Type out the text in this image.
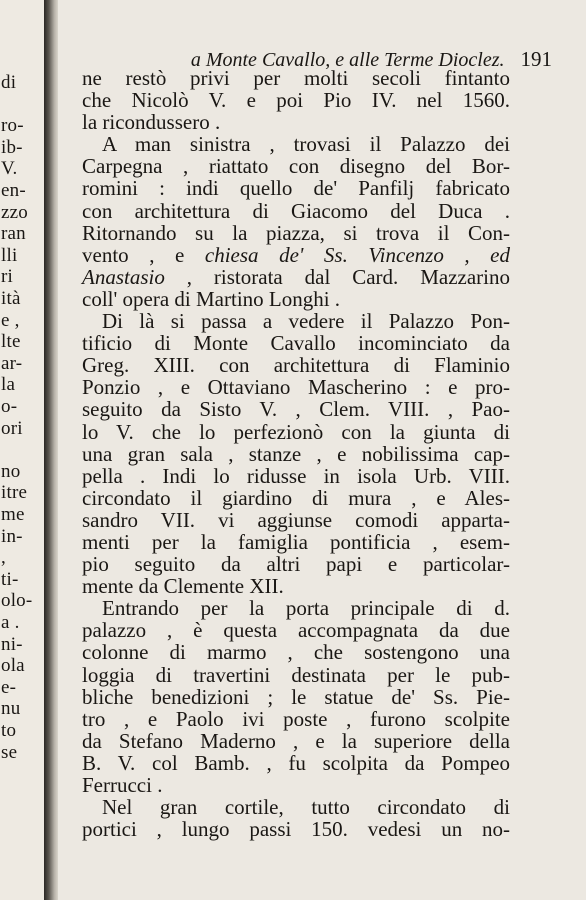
di
ro-
ib-
V.
en-
zzo
ran
lli
ri
ità
e ,
lte
ar-
la
o-
ori
no
itre
me
in-
,
ti-
olo-
a .
ni-
ola
e-
nu
to
se
a Monte Cavallo, e alle Terme Dioclez. 191
ne restò privi per molti secoli fintanto
che Nicolò V. e poi Pio IV. nel 1560.
la ricondussero .
A man sinistra , trovasi il Palazzo dei
Carpegna , riattato con disegno del Bor-
romini : indi quello de' Panfilj fabricato
con architettura di Giacomo del Duca .
Ritornando su la piazza, si trova il Con-
vento , e chiesa de' Ss. Vincenzo , ed
Anastasio , ristorata dal Card. Mazzarino
coll' opera di Martino Longhi .
Di là si passa a vedere il Palazzo Pon-
tificio di Monte Cavallo incominciato da
Greg. XIII. con architettura di Flaminio
Ponzio , e Ottaviano Mascherino : e pro-
seguito da Sisto V. , Clem. VIII. , Pao-
lo V. che lo perfezionò con la giunta di
una gran sala , stanze , e nobilissima cap-
pella . Indi lo ridusse in isola Urb. VIII.
circondato il giardino di mura , e Ales-
sandro VII. vi aggiunse comodi apparta-
menti per la famiglia pontificia , esem-
pio seguito da altri papi e particolar-
mente da Clemente XII.
Entrando per la porta principale di d.
palazzo , è questa accompagnata da due
colonne di marmo , che sostengono una
loggia di travertini destinata per le pub-
bliche benedizioni ; le statue de' Ss. Pie-
tro , e Paolo ivi poste , furono scolpite
da Stefano Maderno , e la superiore della
B. V. col Bamb. , fu scolpita da Pompeo
Ferrucci .
Nel gran cortile, tutto circondato di
portici , lungo passi 150. vedesi un no-
